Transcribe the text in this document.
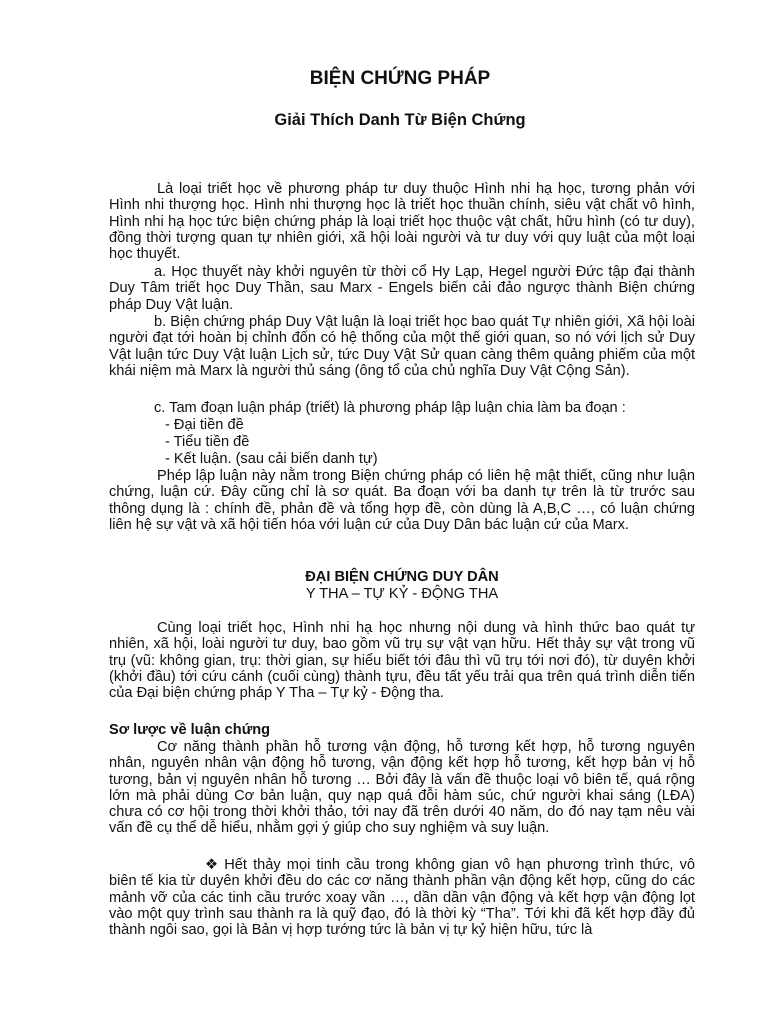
BIỆN CHỨNG PHÁP
Giải Thích Danh Từ Biện Chứng
Là loại triết học về phương pháp tư duy thuộc Hình nhi hạ học, tương phản với Hình nhi thượng học. Hình nhi thượng học là triết học thuần chính, siêu vật chất vô hình, Hình nhi hạ học tức biện chứng pháp là loại triết học thuộc vật chất, hữu hình (có tư duy), đồng thời tượng quan tự nhiên giới, xã hội loài người và tư duy với quy luật của một loại học thuyết.
a. Học thuyết này khởi nguyên từ thời cổ Hy Lạp, Hegel người Đức tập đại thành Duy Tâm triết học Duy Thần, sau Marx - Engels biến cải đảo ngược thành Biện chứng pháp Duy Vật luận.
b. Biện chứng pháp Duy Vật luận là loại triết học bao quát Tự nhiên giới, Xã hội loài người đạt tới hoàn bị chỉnh đốn có hệ thống của một thế giới quan, so nó với lịch sử Duy Vật luận tức Duy Vật luận Lịch sử, tức Duy Vật Sử quan càng thêm quảng phiếm của một khái niệm mà Marx là người thủ sáng (ông tổ của chủ nghĩa Duy Vật Cộng Sản).
c. Tam đoạn luận pháp (triết) là phương pháp lập luận chia làm ba đoạn :
- Đại tiền đề
- Tiểu tiền đề
- Kết luận. (sau cải biến danh tự)
Phép lập luận này nằm trong Biện chứng pháp có liên hệ mật thiết, cũng như luận chứng, luận cứ. Đây cũng chỉ là sơ quát. Ba đoạn với ba danh tự trên là từ trước sau thông dụng là : chính đề, phản đề và tổng hợp đề, còn dùng là A,B,C …, có luận chứng liên hệ sự vật và xã hội tiến hóa với luận cứ của Duy Dân bác luận cứ của Marx.
ĐẠI BIỆN CHỨNG DUY DÂN
Y THA – TỰ KỶ - ĐỘNG THA
Cùng loại triết học, Hình nhi hạ học nhưng nội dung và hình thức bao quát tự nhiên, xã hội, loài người tư duy, bao gồm vũ trụ sự vật vạn hữu. Hết thảy sự vật trong vũ trụ (vũ: không gian, trụ: thời gian, sự hiểu biết tới đâu thì vũ trụ tới nơi đó), từ duyên khởi (khởi đầu) tới cứu cánh (cuối cùng) thành tựu, đều tất yếu trải qua trên quá trình diễn tiến của Đại biện chứng pháp Y Tha – Tự kỷ - Động tha.
Sơ lược về luận chứng
Cơ năng thành phần hỗ tương vận động, hỗ tương kết hợp, hỗ tương nguyên nhân, nguyên nhân vận động hỗ tương, vận động kết hợp hỗ tương, kết hợp bản vị hỗ tương, bản vị nguyên nhân hỗ tương … Bởi đây là vấn đề thuộc loại vô biên tế, quá rộng lớn mà phải dùng Cơ bản luận, quy nạp quá đỗi hàm súc, chứ người khai sáng (LĐA) chưa có cơ hội trong thời khởi thảo, tới nay đã trên dưới 40 năm, do đó nay tạm nêu vài vấn đề cụ thể dễ hiểu, nhằm gợi ý giúp cho suy nghiệm và suy luận.
❖ Hết thảy mọi tinh cầu trong không gian vô hạn phương trình thức, vô biên tế kia từ duyên khởi đều do các cơ năng thành phần vận động kết hợp, cũng do các mảnh vỡ của các tinh cầu trước xoay vần …, dần dần vận động và kết hợp vận động lọt vào một quy trình sau thành ra là quỹ đạo, đó là thời kỳ “Tha”. Tới khi đã kết hợp đầy đủ thành ngôi sao, gọi là Bản vị hợp tướng tức là bản vị tự kỷ hiện hữu, tức là
